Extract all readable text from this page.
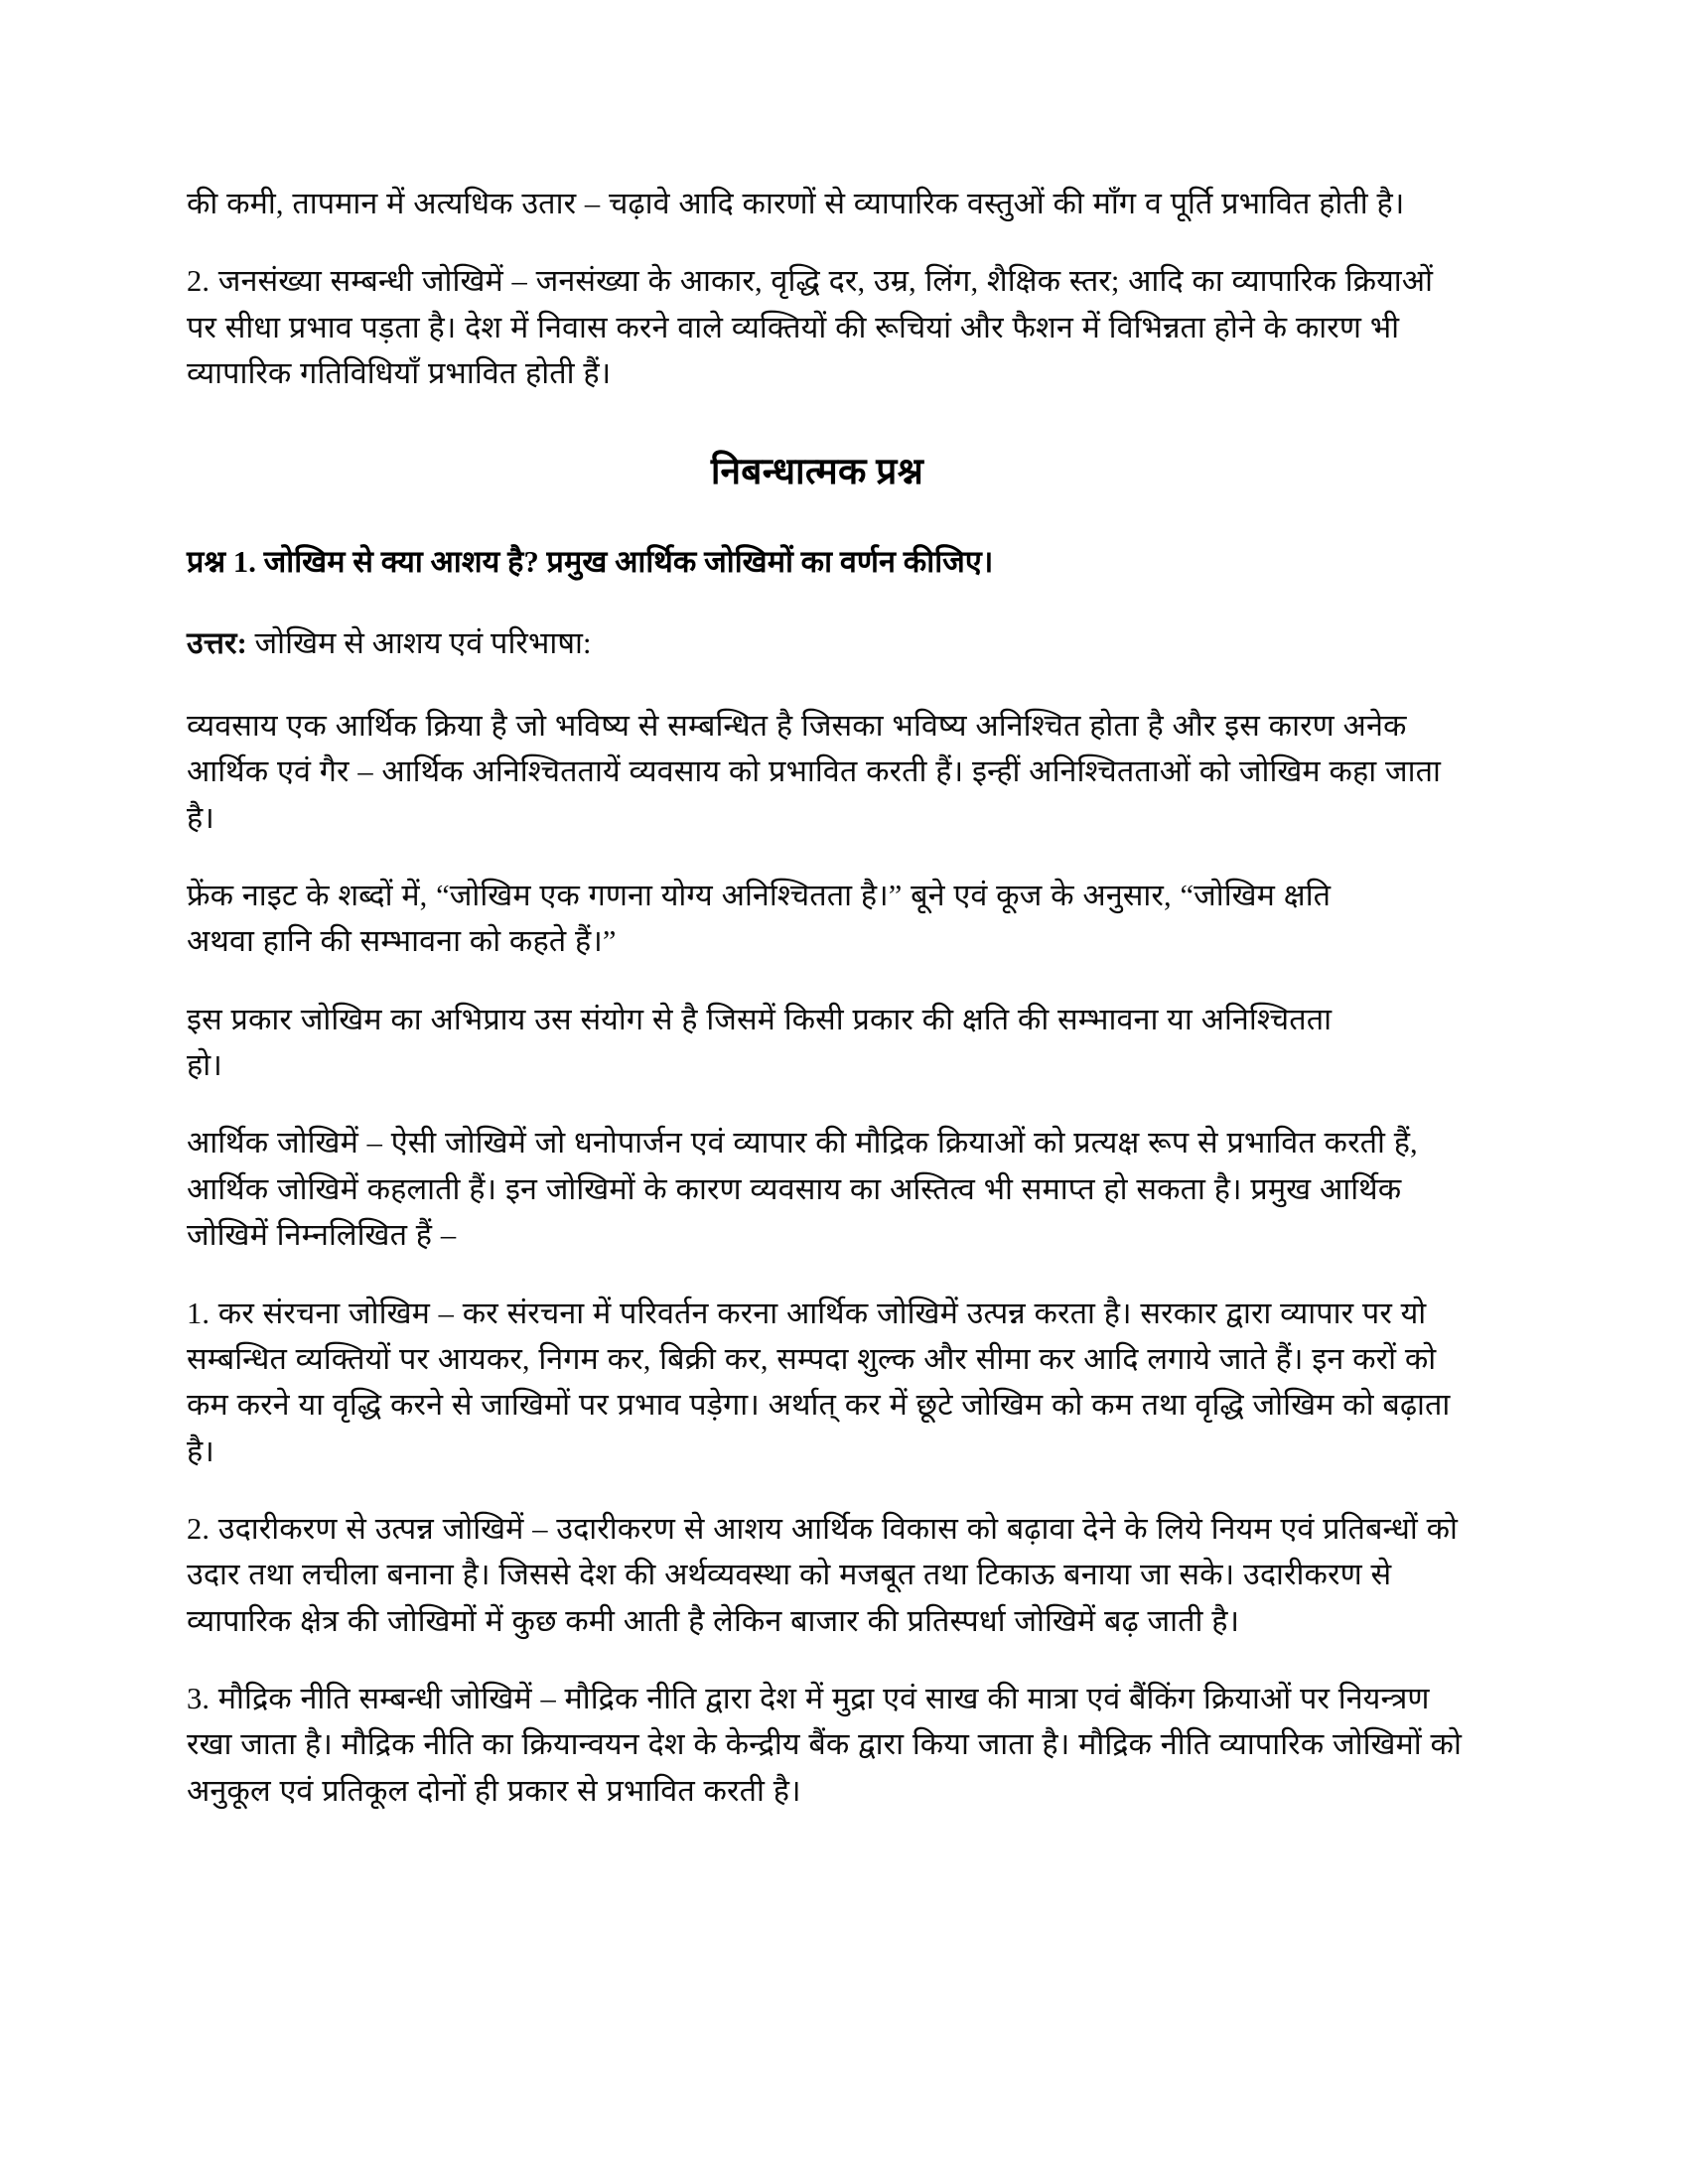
की कमी, तापमान में अत्यधिक उतार – चढ़ावे आदि कारणों से व्यापारिक वस्तुओं की माँग व पूर्ति प्रभावित होती है।

2. जनसंख्या सम्बन्धी जोखिमें – जनसंख्या के आकार, वृद्धि दर, उम्र, लिंग, शैक्षिक स्तर; आदि का व्यापारिक क्रियाओं पर सीधा प्रभाव पड़ता है। देश में निवास करने वाले व्यक्तियों की रूचियां और फैशन में विभिन्नता होने के कारण भी व्यापारिक गतिविधियाँ प्रभावित होती हैं।

निबन्धात्मक प्रश्न

प्रश्न 1. जोखिम से क्या आशय है? प्रमुख आर्थिक जोखिमों का वर्णन कीजिए।

उत्तर: जोखिम से आशय एवं परिभाषा:

व्यवसाय एक आर्थिक क्रिया है जो भविष्य से सम्बन्धित है जिसका भविष्य अनिश्चित होता है और इस कारण अनेक आर्थिक एवं गैर – आर्थिक अनिश्चिततायें व्यवसाय को प्रभावित करती हैं। इन्हीं अनिश्चितताओं को जोखिम कहा जाता है।

फ्रेंक नाइट के शब्दों में, “जोखिम एक गणना योग्य अनिश्चितता है।” बूने एवं कूज के अनुसार, “जोखिम क्षति अथवा हानि की सम्भावना को कहते हैं।”

इस प्रकार जोखिम का अभिप्राय उस संयोग से है जिसमें किसी प्रकार की क्षति की सम्भावना या अनिश्चितता हो।

आर्थिक जोखिमें – ऐसी जोखिमें जो धनोपार्जन एवं व्यापार की मौद्रिक क्रियाओं को प्रत्यक्ष रूप से प्रभावित करती हैं, आर्थिक जोखिमें कहलाती हैं। इन जोखिमों के कारण व्यवसाय का अस्तित्व भी समाप्त हो सकता है। प्रमुख आर्थिक जोखिमें निम्नलिखित हैं –

1. कर संरचना जोखिम – कर संरचना में परिवर्तन करना आर्थिक जोखिमें उत्पन्न करता है। सरकार द्वारा व्यापार पर यो सम्बन्धित व्यक्तियों पर आयकर, निगम कर, बिक्री कर, सम्पदा शुल्क और सीमा कर आदि लगाये जाते हैं। इन करों को कम करने या वृद्धि करने से जाखिमों पर प्रभाव पड़ेगा। अर्थात् कर में छूटे जोखिम को कम तथा वृद्धि जोखिम को बढ़ाता है।

2. उदारीकरण से उत्पन्न जोखिमें – उदारीकरण से आशय आर्थिक विकास को बढ़ावा देने के लिये नियम एवं प्रतिबन्धों को उदार तथा लचीला बनाना है। जिससे देश की अर्थव्यवस्था को मजबूत तथा टिकाऊ बनाया जा सके। उदारीकरण से व्यापारिक क्षेत्र की जोखिमों में कुछ कमी आती है लेकिन बाजार की प्रतिस्पर्धा जोखिमें बढ़ जाती है।

3. मौद्रिक नीति सम्बन्धी जोखिमें – मौद्रिक नीति द्वारा देश में मुद्रा एवं साख की मात्रा एवं बैंकिंग क्रियाओं पर नियन्त्रण रखा जाता है। मौद्रिक नीति का क्रियान्वयन देश के केन्द्रीय बैंक द्वारा किया जाता है। मौद्रिक नीति व्यापारिक जोखिमों को अनुकूल एवं प्रतिकूल दोनों ही प्रकार से प्रभावित करती है।
